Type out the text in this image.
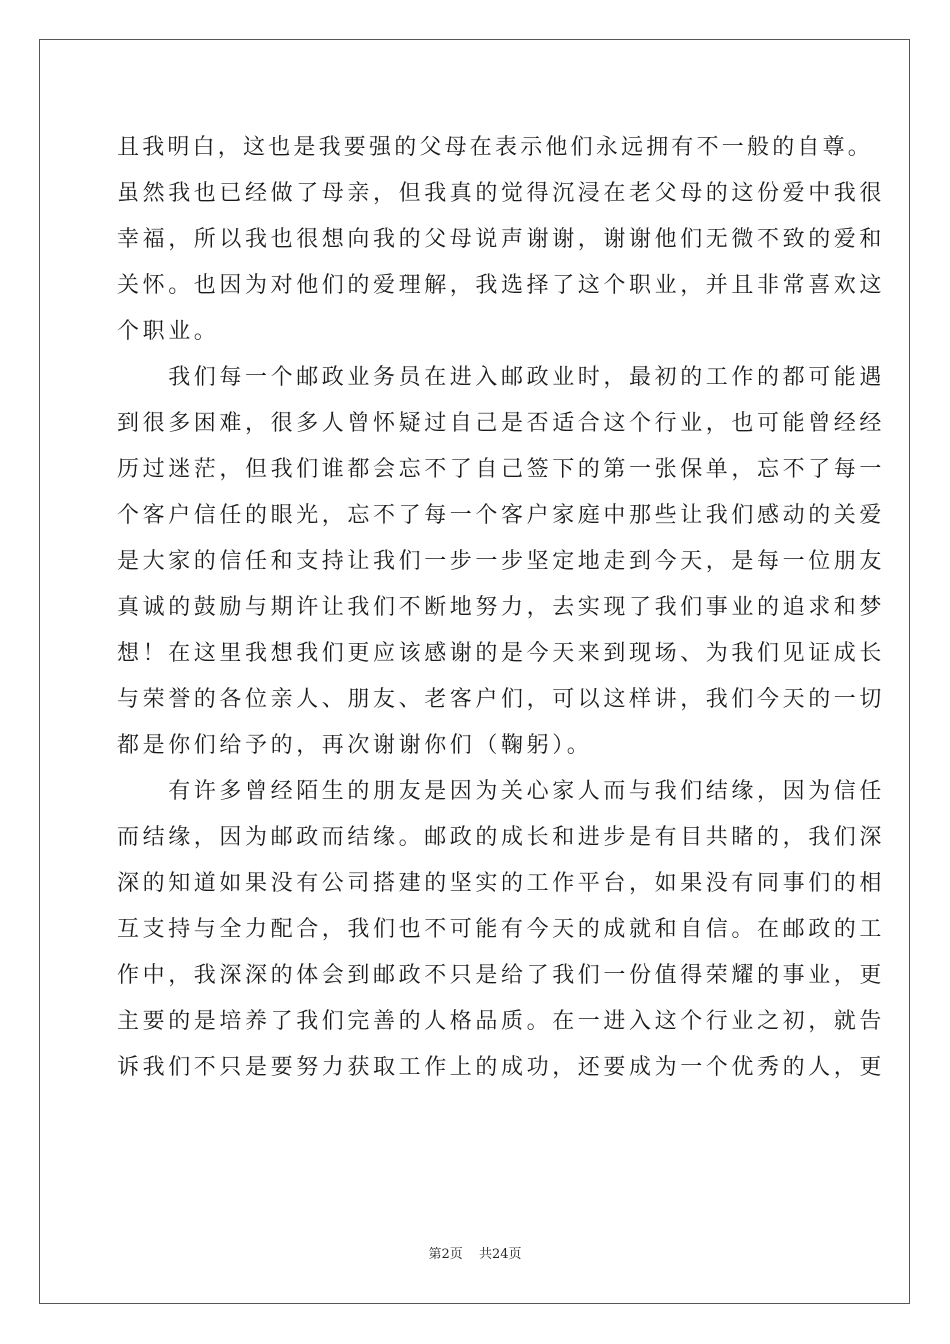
且我明白，这也是我要强的父母在表示他们永远拥有不一般的自尊。
虽然我也已经做了母亲，但我真的觉得沉浸在老父母的这份爱中我很
幸福，所以我也很想向我的父母说声谢谢，谢谢他们无微不致的爱和
关怀。也因为对他们的爱理解，我选择了这个职业，并且非常喜欢这
个职业。
　　我们每一个邮政业务员在进入邮政业时，最初的工作的都可能遇
到很多困难，很多人曾怀疑过自己是否适合这个行业，也可能曾经经
历过迷茫，但我们谁都会忘不了自己签下的第一张保单，忘不了每一
个客户信任的眼光，忘不了每一个客户家庭中那些让我们感动的关爱
是大家的信任和支持让我们一步一步坚定地走到今天，是每一位朋友
真诚的鼓励与期许让我们不断地努力，去实现了我们事业的追求和梦
想！在这里我想我们更应该感谢的是今天来到现场、为我们见证成长
与荣誉的各位亲人、朋友、老客户们，可以这样讲，我们今天的一切
都是你们给予的，再次谢谢你们（鞠躬）。
　　有许多曾经陌生的朋友是因为关心家人而与我们结缘，因为信任
而结缘，因为邮政而结缘。邮政的成长和进步是有目共睹的，我们深
深的知道如果没有公司搭建的坚实的工作平台，如果没有同事们的相
互支持与全力配合，我们也不可能有今天的成就和自信。在邮政的工
作中，我深深的体会到邮政不只是给了我们一份值得荣耀的事业，更
主要的是培养了我们完善的人格品质。在一进入这个行业之初，就告
诉我们不只是要努力获取工作上的成功，还要成为一个优秀的人，更
第2页 共24页
